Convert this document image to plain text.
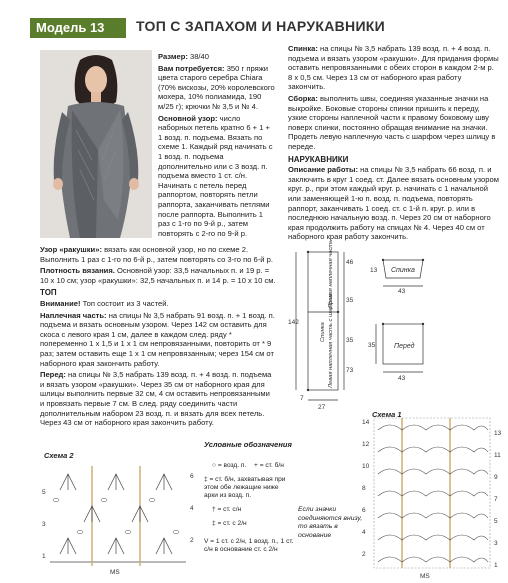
Модель 13	ТОП С ЗАПАХОМ И НАРУКАВНИКИ
Размер: 38/40
Вам потребуется: 350 г пряжи цвета старого серебра Chiara (70% вискозы, 20% королевского мохера, 10% полиамида, 190 м/25 г); крючки № 3,5 и № 4.
Основной узор: число наборных петель кратно 6 + 1 + 1 возд. п. подъема. Вязать по схеме 1. Каждый ряд начинать с 1 возд. п. подъема дополнительно или с 3 возд. п. подъема вместо 1 ст. с/н. Начинать с петель перед раппортом, повторять петли раппорта, заканчивать петлями после раппорта. Выполнить 1 раз с 1-го по 9-й р., затем повторять с 2-го по 9-й р.
Узор «ракушки»: вязать как основной узор, но по схеме 2. Выполнить 1 раз с 1-го по 6-й р., затем повторять со 3-го по 6-й р.
Плотность вязания. Основной узор: 33,5 начальных п. и 19 р. = 10 х 10 см; узор «ракушки»: 32,5 начальных п. и 14 р. = 10 х 10 см.
ТОП
Внимание! Топ состоит из 3 частей.
Наплечная часть: на спицы № 3,5 набрать 91 возд. п. + 1 возд. п. подъема и вязать основным узором. Через 142 см оставить для скоса с левого края 1 см, далее в каждом след. ряду * попеременно 1 х 1,5 и 1 х 1 см непровязанными, повторить от * 9 раз; затем оставить еще 1 х 1 см непровязанным; через 154 см от наборного края закончить работу.
Перед: на спицы № 3,5 набрать 139 возд. п. + 4 возд. п. подъема и вязать узором «ракушки». Через 35 см от наборного края для шлицы выполнить первые 32 см, 4 см оставить непровязанными и провязать первые 7 см. В след. ряду соединить части дополнительным набором 23 возд. п. и вязать для всех петель. Через 43 см от наборного края закончить работу.
Спинка: на спицы № 3,5 набрать 139 возд. п. + 4 возд. п. подъема и вязать узором «ракушки». Для придания формы оставить непровязанными с обеих сторон в каждом 2-м р. 8 х 0,5 см. Через 13 см от наборного края работу закончить.
Сборка: выполнить швы, соединяя указанные значки на выкройке. Боковые стороны спинки пришить к переду, узкие стороны наплечной части к правому боковому шву поверх спинки, постоянно обращая внимание на значки. Продеть левую наплечную часть с шарфом через шлицу в переде.
НАРУКАВНИКИ
Описание работы: на спицы № 3,5 набрать 66 возд. п. и заключить в круг 1 соед. ст. Далее вязать основным узором круг. р., при этом каждый круг. р. начинать с 1 начальной или заменяющей 1-ю п. возд. п. подъема, повторять раппорт, заканчивать 1 соед. ст. с 1-й п. круг. р. или в последнюю начальную возд. п. Через 20 см от наборного края продолжить работу на спицах № 4. Через 40 см от наборного края работу закончить.
46
35
35
73
142
27
7
43
43
13
35
Спинка
Перед
Правая наплечная часть
Спинка Левая наплечная часть с шарфом
Схема 1
14
12
10
8
6
4
2
13
11
9
7
5
3
1
MS
Схема 2
6
4
2
5
3
1
MS
Условные обозначения
○ = возд. п. + = ст. б/н
‡ = ст. б/н, захватывая при этом обе лежащие ниже арки из возд. п.
† = ст. с/н
‡ = ст. с 2/н
V = 1 ст. с 2/н, 1 возд. п., 1 ст. с/н в основание ст. с 2/н
Если значки соединяются внизу, то вязать в основание
